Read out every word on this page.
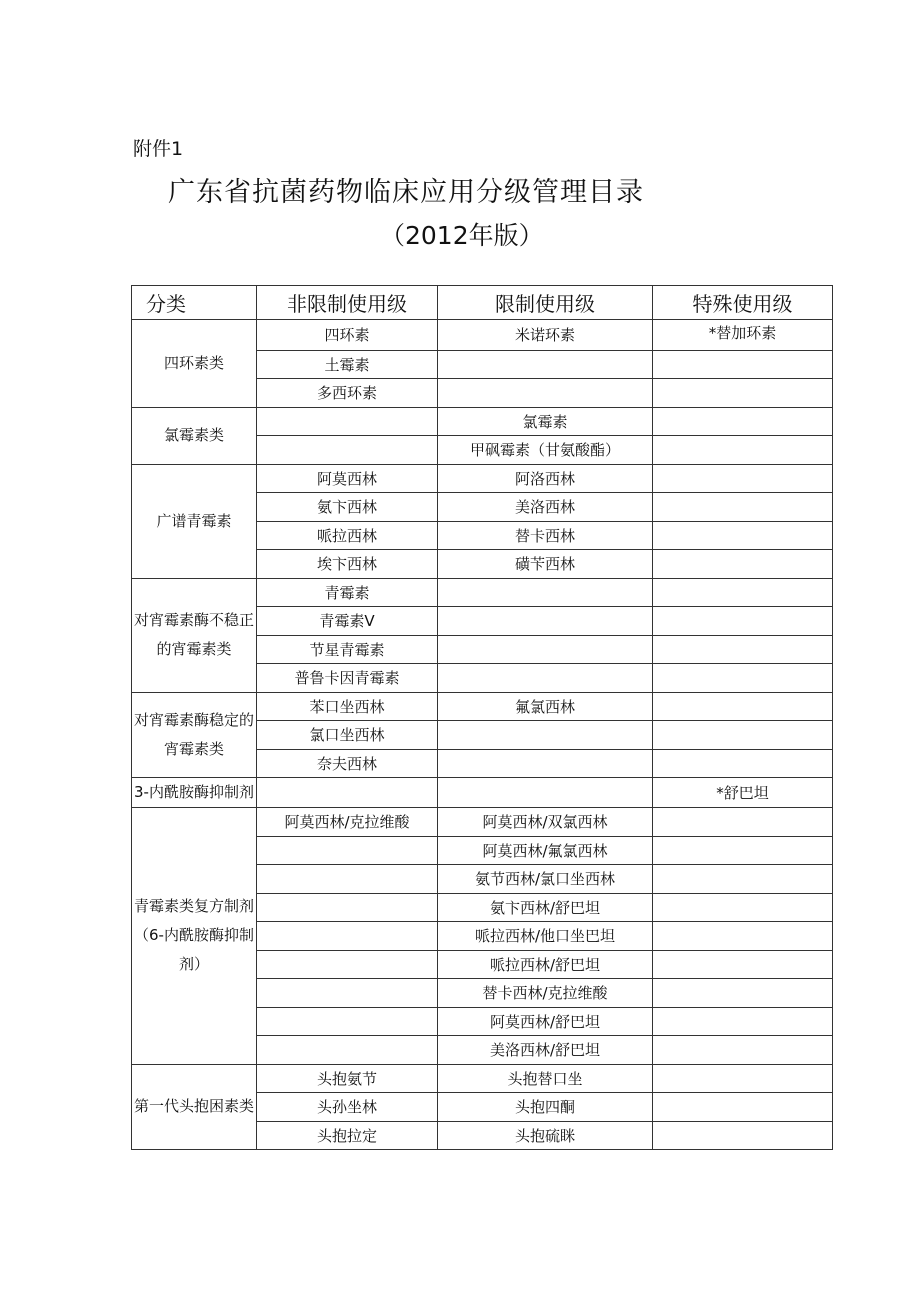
附件1
广东省抗菌药物临床应用分级管理目录
（2012年版）
分类	非限制使用级	限制使用级	特殊使用级
四环素类	四环素	米诺环素	*替加环素
	土霉素		
	多西环素		
氯霉素类		氯霉素	
		甲砜霉素（甘氨酸酯）	
广谱青霉素	阿莫西林	阿洛西林	
	氨卞西林	美洛西林	
	哌拉西林	替卡西林	
	埃卞西林	磺苄西林	
对宵霉素酶不稳正的宵霉素类	青霉素		
	青霉素V		
	节星青霉素		
	普鲁卡因青霉素		
对宵霉素酶稳定的宵霉素类	苯口坐西林	氟氯西林	
	氯口坐西林		
	奈夫西林		
3-内酰胺酶抑制剂			*舒巴坦
青霉素类复方制剂（6-内酰胺酶抑制剂）	阿莫西林/克拉维酸	阿莫西林/双氯西林	
		阿莫西林/氟氯西林	
		氨节西林/氯口坐西林	
		氨卞西林/舒巴坦	
		哌拉西林/他口坐巴坦	
		哌拉西林/舒巴坦	
		替卡西林/克拉维酸	
		阿莫西林/舒巴坦	
		美洛西林/舒巴坦	
第一代头抱困素类	头抱氨节	头抱替口坐	
	头孙坐林	头抱四酮	
	头抱拉定	头抱硫眯	
